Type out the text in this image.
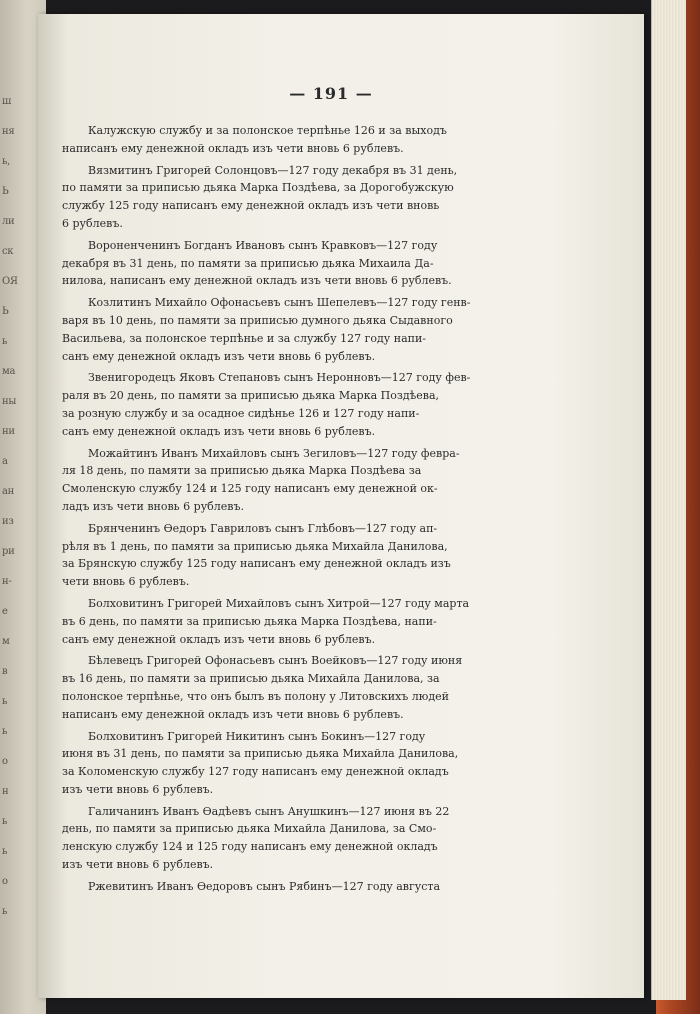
ш
ня
ь,
Ь
ли
ск
ОЯ
Ь
ь
ма
ны
ни
а
ан
из
ри
н-
е
м
в
ь
ь
о
н
ь
ь
о
ь
— 191 —
Калужскую службу и за полонское терпѣнье 126 и за выходъ
написанъ ему денежной окладъ изъ чети вновь 6 рублевъ.
Вязмитинъ Григорей Солонцовъ—127 году декабря въ 31 день,
по памяти за приписью дьяка Марка Поздѣева, за Дорогобужскую
службу 125 году написанъ ему денежной окладъ изъ чети вновь
6 рублевъ.
Вороненченинъ Богданъ Ивановъ сынъ Кравковъ—127 году
декабря въ 31 день, по памяти за приписью дьяка Михаила Да-
нилова, написанъ ему денежной окладъ изъ чети вновь 6 рублевъ.
Козлитинъ Михайло Офонасьевъ сынъ Шепелевъ—127 году генв-
варя въ 10 день, по памяти за приписью думного дьяка Сыдавного
Васильева, за полонское терпѣнье и за службу 127 году напи-
санъ ему денежной окладъ изъ чети вновь 6 рублевъ.
Звенигородецъ Яковъ Степановъ сынъ Неронновъ—127 году фев-
раля въ 20 день, по памяти за приписью дьяка Марка Поздѣева,
за розную службу и за осадное сидѣнье 126 и 127 году напи-
санъ ему денежной окладъ изъ чети вновь 6 рублевъ.
Можайтинъ Иванъ Михайловъ сынъ Зегиловъ—127 году февра-
ля 18 день, по памяти за приписью дьяка Марка Поздѣева за
Смоленскую службу 124 и 125 году написанъ ему денежной ок-
ладъ изъ чети вновь 6 рублевъ.
Брянченинъ Өедоръ Гавриловъ сынъ Глѣбовъ—127 году ап-
рѣля въ 1 день, по памяти за приписью дьяка Михайла Данилова,
за Брянскую службу 125 году написанъ ему денежной окладъ изъ
чети вновь 6 рублевъ.
Болховитинъ Григорей Михайловъ сынъ Хитрой—127 году марта
въ 6 день, по памяти за приписью дьяка Марка Поздѣева, напи-
санъ ему денежной окладъ изъ чети вновь 6 рублевъ.
Бѣлевецъ Григорей Офонасьевъ сынъ Воейковъ—127 году июня
въ 16 день, по памяти за приписью дьяка Михайла Данилова, за
полонское терпѣнье, что онъ былъ въ полону у Литовскихъ людей
написанъ ему денежной окладъ изъ чети вновь 6 рублевъ.
Болховитинъ Григорей Никитинъ сынъ Бокинъ—127 году
июня въ 31 день, по памяти за приписью дьяка Михайла Данилова,
за Коломенскую службу 127 году написанъ ему денежной окладъ
изъ чети вновь 6 рублевъ.
Галичанинъ Иванъ Өадѣевъ сынъ Анушкинъ—127 июня въ 22
день, по памяти за приписью дьяка Михайла Данилова, за Смо-
ленскую службу 124 и 125 году написанъ ему денежной окладъ
изъ чети вновь 6 рублевъ.
Ржевитинъ Иванъ Өедоровъ сынъ Рябинъ—127 году августа
